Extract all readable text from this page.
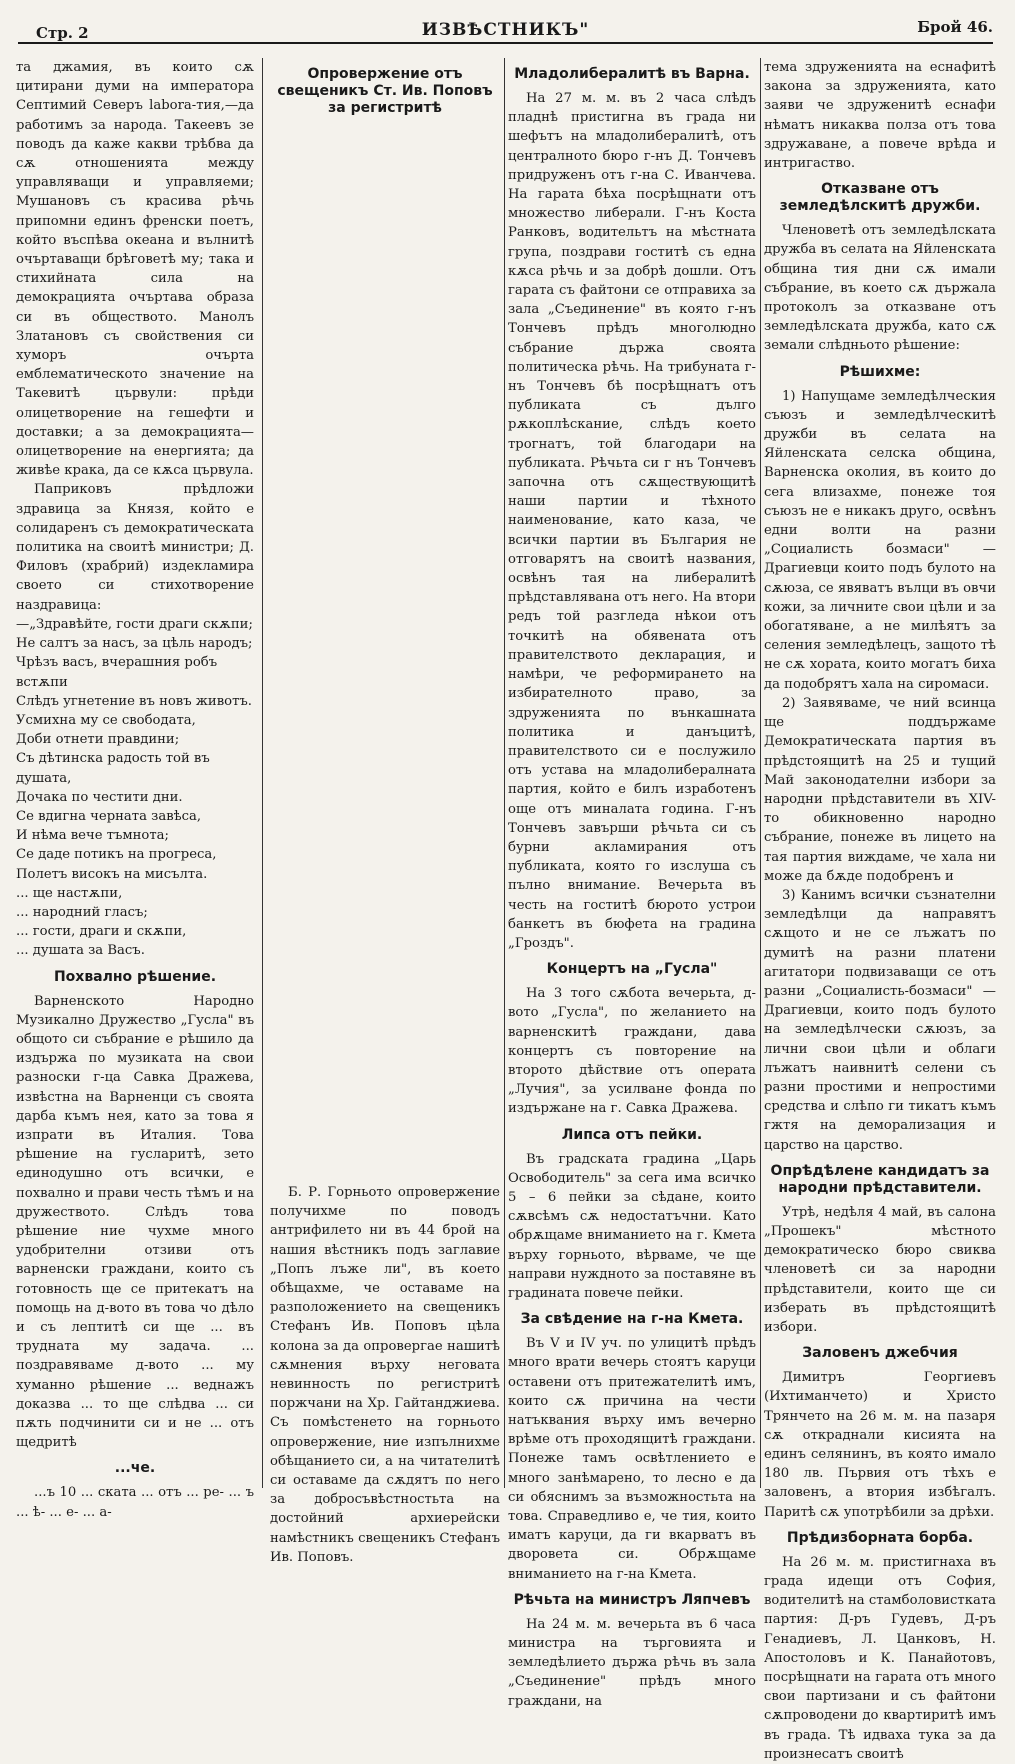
Стр. 2	ИЗВѢСТНИКЪ"	Брой 46.

та джамия, въ които сѫ цитирани думи на императора Септимий Северъ labora-тия,—да работимъ за народа. Такеевъ зе поводъ да каже какви трѣбва да сѫ отношенията между управляващи и управляеми; Мушановъ съ красива рѣчь припомни единъ френски поетъ, който въспѣва океана и вълнитѣ очъртаващи брѣговетѣ му; така и стихийната сила на демокрацията очъртава образа си въ обществото. Манолъ Златановъ съ свойствения си хуморъ очърта емблематическото значение на Такевитѣ цървули: прѣди олицетворение на гешефти и доставки; а за демокрацията—олицетворение на енергията; да живѣе крака, да се кѫса цървула.

Паприковъ прѣдложи здравица за Князя, който е солидаренъ съ демократическата политика на своитѣ министри; Д. Филовъ (храбрий) издекламира своето си стихотворение наздравица:

—„Здравѣйте, гости драги скѫпи;
Не салтъ за насъ, за цѣль народъ;
Чрѣзъ васъ, вчерашния робъ встѫпи
Слѣдъ угнетение въ новъ животъ.
Усмихна му се свободата,
Доби отнети правдини;
Съ дѣтинска радость той въ душата,
Дочака по честити дни.
Се вдигна черната завѣса,
И нѣма вече тъмнота;
Се даде потикъ на прогреса,
Полетъ високъ на мисълта.
... ще настѫпи,
... народний гласъ;
... гости, драги и скѫпи,
... душата за Васъ.
Похвално рѣшение.

Варненското Народно Музикално Дружество „Гусла" въ общото си събрание е рѣшило да издържа по музиката на свои разноски г-ца Савка Дражева, извѣстна на Варненци съ своята дарба къмъ нея, като за това я изпрати въ Италия. Това рѣшение на гусларитѣ, зето единодушно отъ всички, е похвално и прави честь тѣмъ и на дружеството. Слѣдъ това рѣшение ние чухме много удобрителни отзиви отъ варненски граждани, които съ готовность ще се притекатъ на помощь на д-вото въ това чо дѣло и съ лептитѣ си ще ... въ трудната му задача. ... поздравяваме д-вото ... му хуманно рѣшение ... веднажъ доказва ... то ще слѣдва ... си пѫть подчинити си и не ... отъ щедритѣ

...че.

...ъ 10 ... ската ... отъ ... ре- ... ъ ... ѣ- ... е- ... а-

Опровержение отъ свещеникъ Ст. Ив. Поповъ за регистритѣ

Б. Р. Горньото опровержение получихме по поводъ антрифилето ни въ 44 брой на нашия вѣстникъ подъ заглавие „Попъ лъже ли", въ което обѣщахме, че оставаме на разположението на свещеникъ Стефанъ Ив. Поповъ цѣла колона за да опровергае нашитѣ сѫмнения върху неговата невинность по регистритѣ поржчани на Хр. Гайтанджиева. Съ помѣстенето на горньото опровержение, ние изпълнихме обѣщанието си, а на читателитѣ си оставаме да сѫдятъ по него за добросъвѣстностьта на достойний архиерейски намѣстникъ свещеникъ Стефанъ Ив. Поповъ.

Младолибералитѣ въ Варна.

На 27 м. м. въ 2 часа слѣдъ пладнѣ пристигна въ града ни шефътъ на младолибералитѣ, отъ централното бюро г-нъ Д. Тончевъ придруженъ отъ г-на С. Иванчева. На гарата бѣха посрѣщнати отъ множество либерали. Г-нъ Коста Ранковъ, водительтъ на мѣстната група, поздрави гоститѣ съ една кѫса рѣчь и за добрѣ дошли. Отъ гарата съ файтони се отправиха за зала „Съединение" въ която г-нъ Тончевъ прѣдъ многолюдно събрание държа своята политическа рѣчь. На трибуната г-нъ Тончевъ бѣ посрѣщнатъ отъ публиката съ дълго рѫкоплѣскание, слѣдъ което трогнатъ, той благодари на публиката. Рѣчьта си г нъ Тончевъ започна отъ сѫществующитѣ наши партии и тѣхното наименование, като каза, че всички партии въ България не отговарятъ на своитѣ названия, освѣнъ тая на либералитѣ прѣдставлявана отъ него. На втори редъ той разгледа нѣкои отъ точкитѣ на обявената отъ правителството декларация, и намѣри, че реформирането на избирателното право, за здруженията по вънкашната политика и данъцитѣ, правителството си е послужило отъ устава на младолибералната партия, който е билъ изработенъ още отъ миналата година. Г-нъ Тончевъ завърши рѣчьта си съ бурни акламирания отъ публиката, която го изслуша съ пълно внимание. Вечерьта въ честь на гоститѣ бюрото устрои банкетъ въ бюфета на градина „Гроздъ".

Концертъ на „Гусла"

На 3 того сѫбота вечерьта, д-вото „Гусла", по желанието на варненскитѣ граждани, дава концертъ съ повторение на второто дѣйствие отъ операта „Лучия", за усилване фонда по издържане на г. Савка Дражева.

Липса отъ пейки.

Въ градската градина „Царь Освободитель" за сега има всичко 5 – 6 пейки за сѣдане, които сѫвсѣмъ сѫ недостатъчни. Като обрѫщаме вниманието на г. Кмета върху горньото, вѣрваме, че ще направи нуждното за поставяне въ градината повече пейки.

За свѣдение на г-на Кмета.

Въ V и IV уч. по улицитѣ прѣдъ много врати вечерь стоятъ каруци оставени отъ притежателитѣ имъ, които сѫ причина на чести натъквания върху имъ вечерно врѣме отъ проходящитѣ граждани. Понеже тамъ освѣтлението е много занѣмарено, то лесно е да си обяснимъ за възможностьта на това. Справедливо е, че тия, които иматъ каруци, да ги вкарватъ въ дворовета си. Обрѫщаме вниманието на г-на Кмета.

Рѣчьта на министръ Ляпчевъ

На 24 м. м. вечерьта въ 6 часа министра на търговията и земледѣлието държа рѣчь въ зала „Съединение" прѣдъ много граждани, на

тема здруженията на еснафитѣ закона за здруженията, като заяви че здруженитѣ еснафи нѣматъ никаква полза отъ това здружаване, а повече врѣда и интригаство.

Отказване отъ земледѣлскитѣ дружби.

Членоветѣ отъ земледѣлската дружба въ селата на Яйленската община тия дни сѫ имали събрание, въ което сѫ държала протоколъ за отказване отъ земледѣлската дружба, като сѫ земали слѣдньото рѣшение:

Рѣшихме:

1) Напущаме земледѣлческия съюзъ и земледѣлческитѣ дружби въ селата на Яйленската селска община, Варненска околия, въ които до сега влизахме, понеже тоя съюзъ не е никакъ друго, освѣнъ едни волти на разни „Социалисть бозмаси" — Драгиевци които подъ булото на сѫюза, се явяватъ вълци въ овчи кожи, за личните свои цѣли и за обогатяване, а не милѣятъ за селения земледѣлецъ, защото тѣ не сѫ хората, които могатъ биха да подобрятъ хала на сиромаси.

2) Заявяваме, че ний всинца ще поддържаме Демократическата партия въ прѣдстоящитѣ на 25 и тущий Май законодателни избори за народни прѣдставители въ XIV-то обикновенно народно събрание, понеже въ лицето на тая партия виждаме, че хала ни може да бѫде подобренъ и

3) Канимъ всички съзнателни земледѣлци да направятъ сѫщото и не се лъжатъ по думитѣ на разни платени агитатори подвизаващи се отъ разни „Социалисть-бозмаси" — Драгиевци, които подъ булото на земледѣлчески сѫюзъ, за лични свои цѣли и облаги лъжатъ наивнитѣ селени съ разни простими и непростими средства и слѣпо ги тикатъ къмъ гжтя на деморализация и царство на царство.

Опрѣдѣлене кандидатъ за народни прѣдставители.

Утрѣ, недѣля 4 май, въ салона „Прошекъ" мѣстното демократическо бюро свиква членоветѣ си за народни прѣдставители, които ще си изберать въ прѣдстоящитѣ избори.

Заловенъ джебчия

Димитръ Георгиевъ (Ихтиманчето) и Христо Трянчето на 26 м. м. на пазаря сѫ откраднали кисията на единъ селянинъ, въ която имало 180 лв. Първия отъ тѣхъ е заловенъ, а втория избѣгалъ. Паритѣ сѫ употрѣбили за дрѣхи.

Прѣдизборната борба.

На 26 м. м. пристигнаха въ града идещи отъ София, водителитѣ на стамболовистката партия: Д-ръ Гудевъ, Д-ръ Генадиевъ, Л. Цанковъ, Н. Апостоловъ и К. Панайотовъ, посрѣщнати на гарата отъ много свои партизани и съ файтони сѫпроводени до квартиритѣ имъ въ града. Тѣ идваха тука за да произнесатъ своитѣ
